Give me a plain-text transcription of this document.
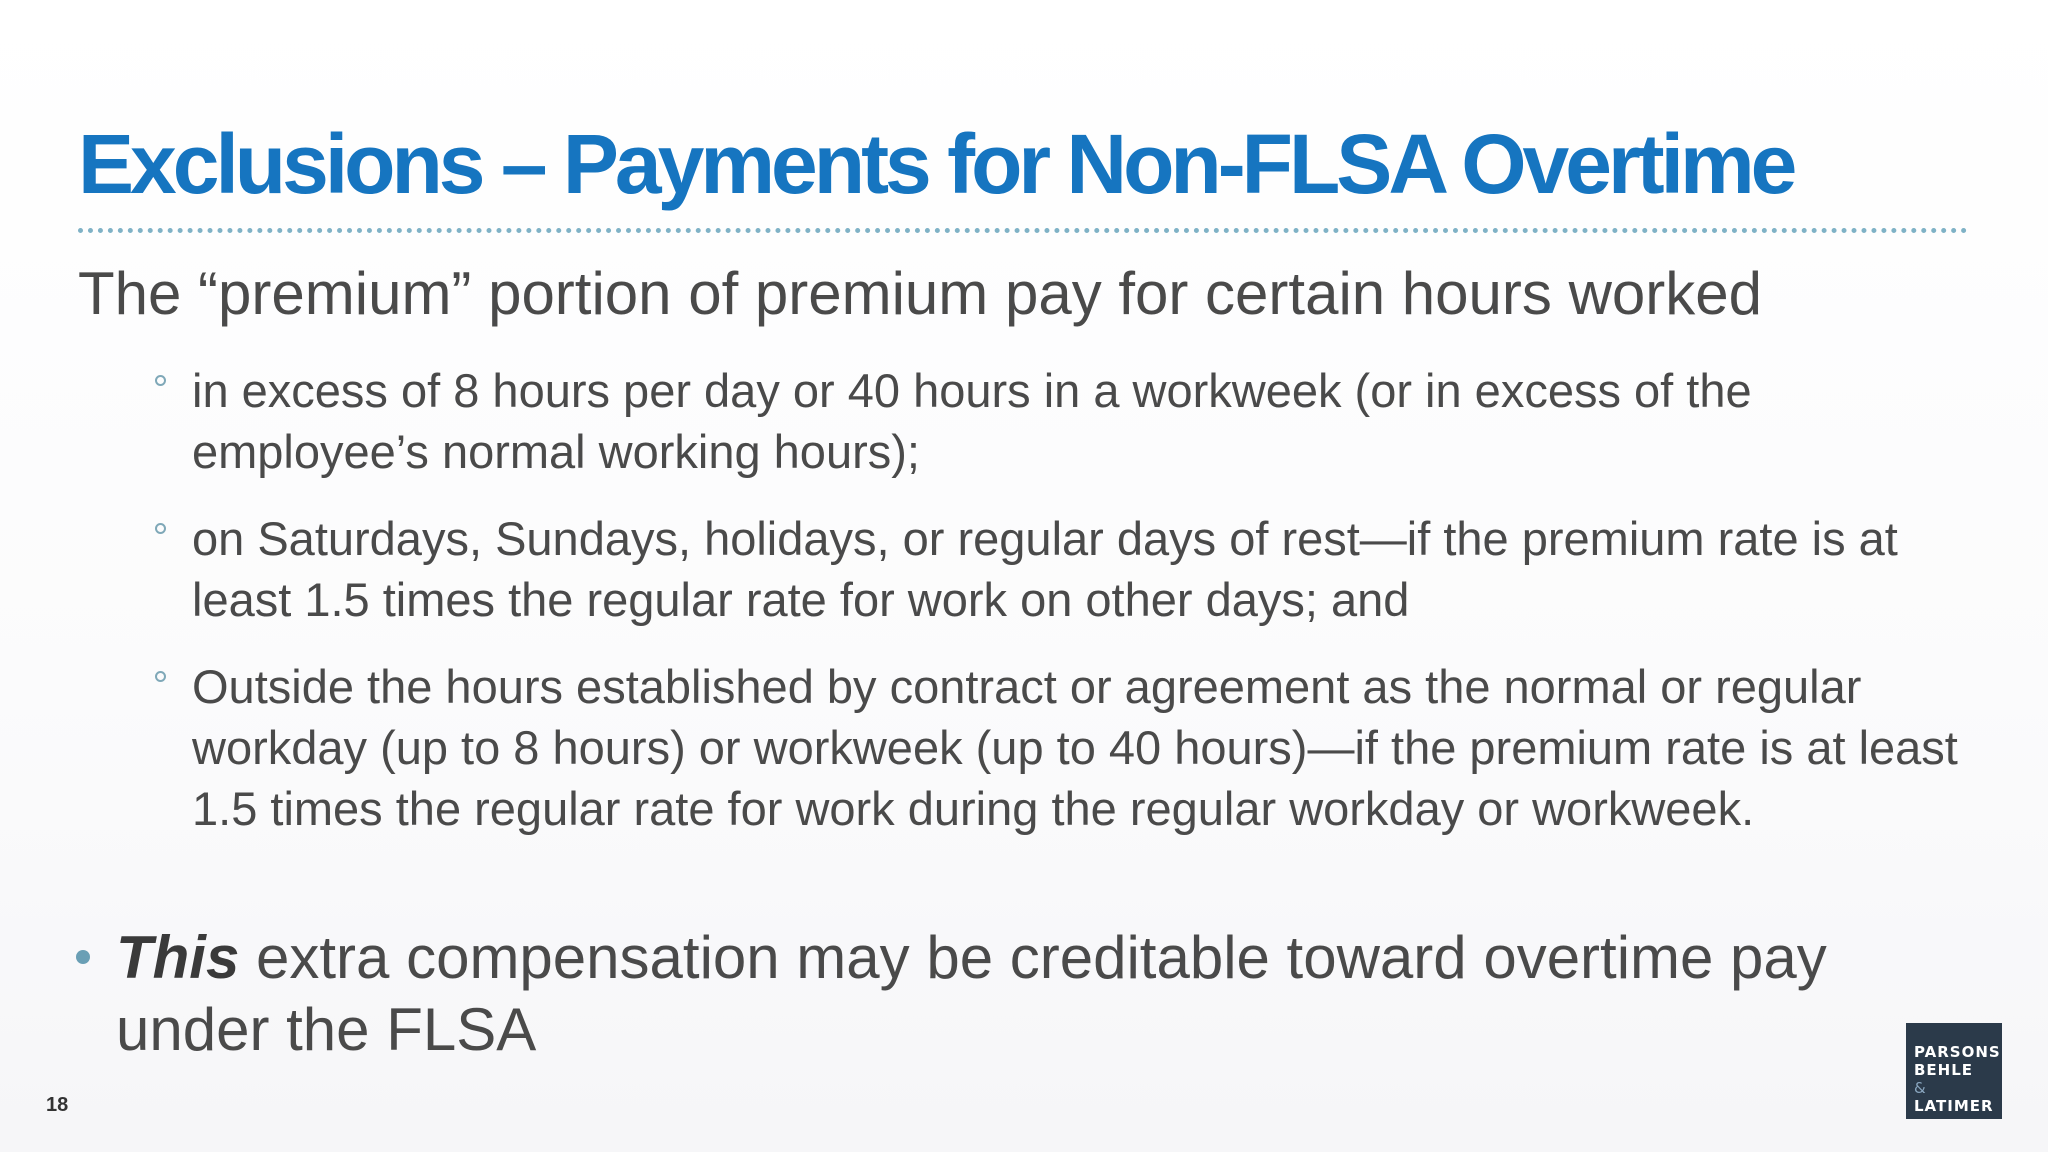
Exclusions – Payments for Non-FLSA Overtime

The “premium” portion of premium pay for certain hours worked

in excess of 8 hours per day or 40 hours in a workweek (or in excess of the employee’s normal working hours);
on Saturdays, Sundays, holidays, or regular days of rest—if the premium rate is at least 1.5 times the regular rate for work on other days; and
Outside the hours established by contract or agreement as the normal or regular workday (up to 8 hours) or workweek (up to 40 hours)—if the premium rate is at least 1.5 times the regular rate for work during the regular workday or workweek.

This extra compensation may be creditable toward overtime pay under the FLSA

18
PARSONS
BEHLE
&
LATIMER
